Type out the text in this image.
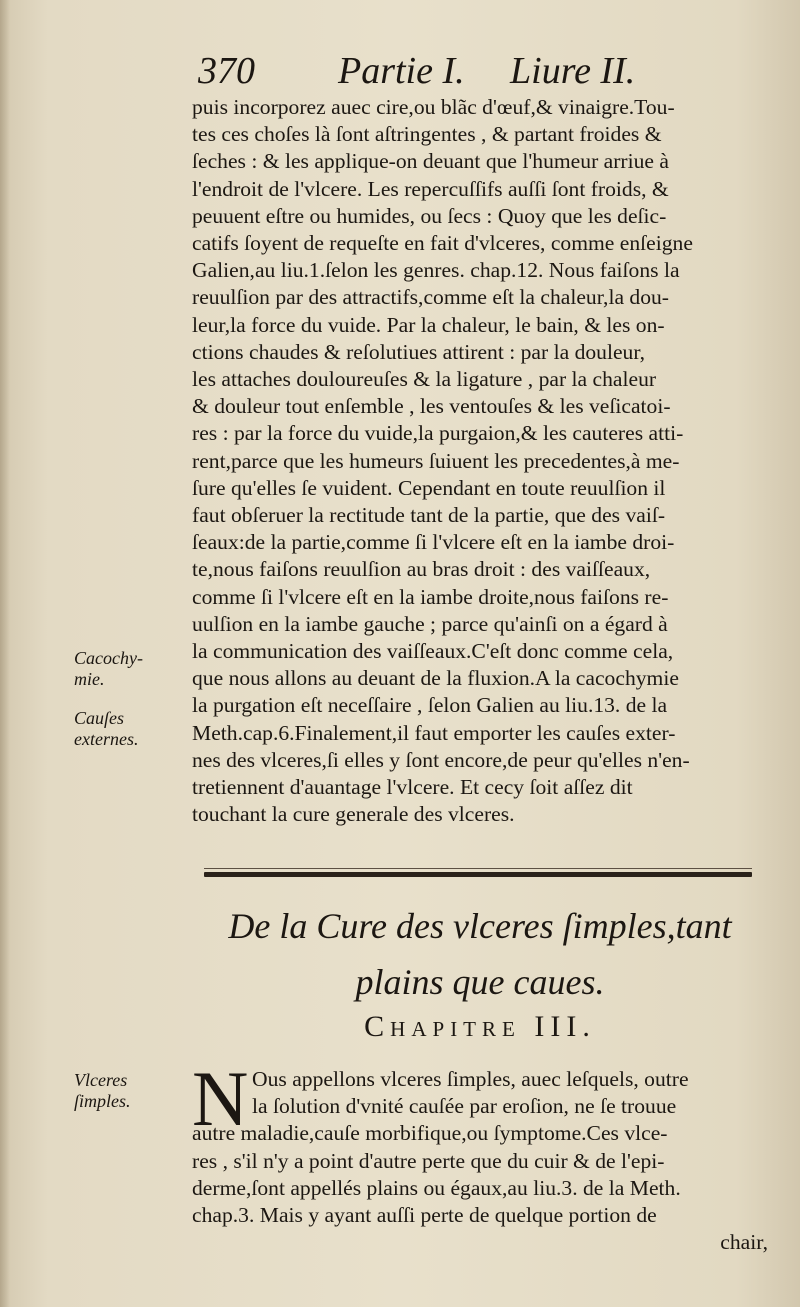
370 Partie I. Liure II.
puis incorporez auec cire,ou blãc d'œuf,& vinaigre.Tou-
tes ces choſes là ſont aſtringentes , & partant froides &
ſeches : & les applique-on deuant que l'humeur arriue à
l'endroit de l'vlcere. Les repercuſſifs auſſi ſont froids, &
peuuent eſtre ou humides, ou ſecs : Quoy que les deſic-
catifs ſoyent de requeſte en fait d'vlceres, comme enſeigne
Galien,au liu.1.ſelon les genres. chap.12. Nous faiſons la
reuulſion par des attractifs,comme eſt la chaleur,la dou-
leur,la force du vuide. Par la chaleur, le bain, & les on-
ctions chaudes & reſolutiues attirent : par la douleur,
les attaches douloureuſes & la ligature , par la chaleur
& douleur tout enſemble , les ventouſes & les veſicatoi-
res : par la force du vuide,la purgaion,& les cauteres atti-
rent,parce que les humeurs ſuiuent les precedentes,à me-
ſure qu'elles ſe vuident. Cependant en toute reuulſion il
faut obſeruer la rectitude tant de la partie, que des vaiſ-
ſeaux:de la partie,comme ſi l'vlcere eſt en la iambe droi-
te,nous faiſons reuulſion au bras droit : des vaiſſeaux,
comme ſi l'vlcere eſt en la iambe droite,nous faiſons re-
uulſion en la iambe gauche ; parce qu'ainſi on a égard à
la communication des vaiſſeaux.C'eſt donc comme cela,
que nous allons au deuant de la fluxion.A la cacochymie
la purgation eſt neceſſaire , ſelon Galien au liu.13. de la
Meth.cap.6.Finalement,il faut emporter les cauſes exter-
nes des vlceres,ſi elles y ſont encore,de peur qu'elles n'en-
tretiennent d'auantage l'vlcere. Et cecy ſoit aſſez dit
touchant la cure generale des vlceres.
Cacochy-
mie.
Cauſes
externes.
De la Cure des vlceres ſimples,tant
plains que caues.
Chapitre III.
Vlceres
ſimples. N Ous appellons vlceres ſimples, auec leſquels, outre
la ſolution d'vnité cauſée par eroſion, ne ſe trouue
autre maladie,cauſe morbifique,ou ſymptome.Ces vlce-
res , s'il n'y a point d'autre perte que du cuir & de l'epi-
derme,ſont appellés plains ou égaux,au liu.3. de la Meth.
chap.3. Mais y ayant auſſi perte de quelque portion de
chair,
